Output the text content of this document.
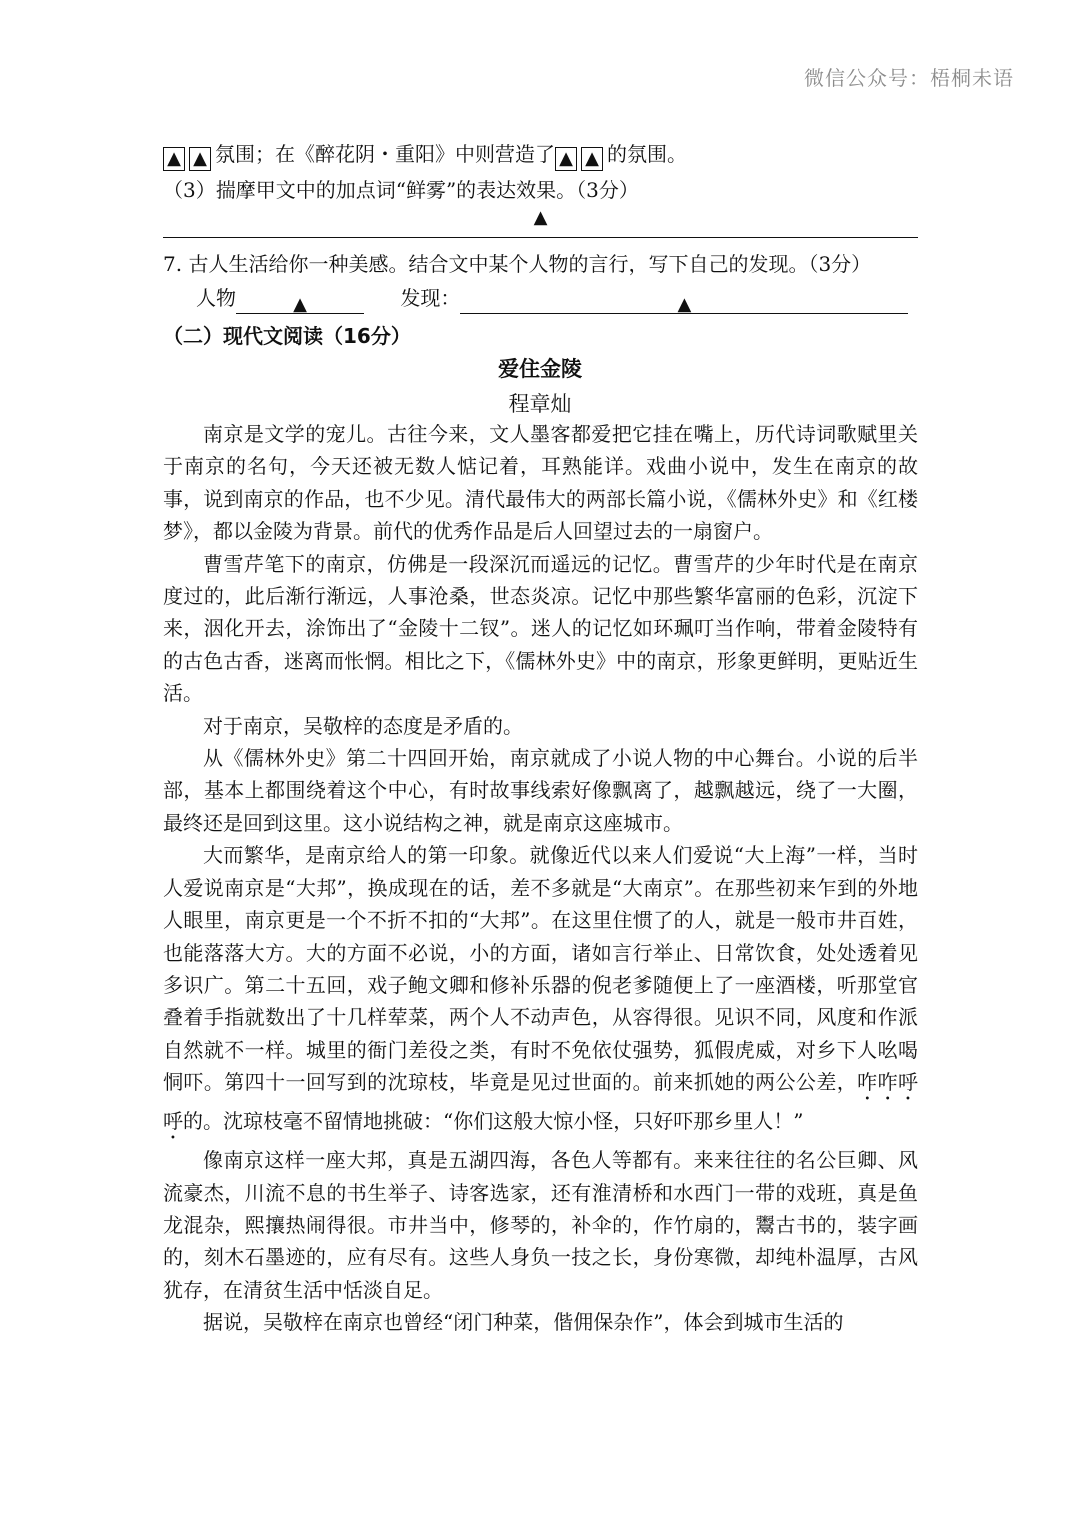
微信公众号：梧桐未语
▲ ▲ 氛围；在《醉花阴・重阳》中则营造了 ▲ ▲ 的氛围。
（3）揣摩甲文中的加点词“鲜雾”的表达效果。（3分）
▲
7. 古人生活给你一种美感。结合文中某个人物的言行，写下自己的发现。（3分）
人物	▲	发现：	▲
（二）现代文阅读（16分）
爱住金陵
程章灿

南京是文学的宠儿。古往今来，文人墨客都爱把它挂在嘴上，历代诗词歌赋里关于南京的名句，今天还被无数人惦记着，耳熟能详。戏曲小说中，发生在南京的故事，说到南京的作品，也不少见。清代最伟大的两部长篇小说，《儒林外史》和《红楼梦》，都以金陵为背景。前代的优秀作品是后人回望过去的一扇窗户。

曹雪芹笔下的南京，仿佛是一段深沉而遥远的记忆。曹雪芹的少年时代是在南京度过的，此后渐行渐远，人事沧桑，世态炎凉。记忆中那些繁华富丽的色彩，沉淀下来，洇化开去，涂饰出了“金陵十二钗”。迷人的记忆如环珮叮当作响，带着金陵特有的古色古香，迷离而怅惘。相比之下，《儒林外史》中的南京，形象更鲜明，更贴近生活。

对于南京，吴敬梓的态度是矛盾的。

从《儒林外史》第二十四回开始，南京就成了小说人物的中心舞台。小说的后半部，基本上都围绕着这个中心，有时故事线索好像飘离了，越飘越远，绕了一大圈，最终还是回到这里。这小说结构之神，就是南京这座城市。

大而繁华，是南京给人的第一印象。就像近代以来人们爱说“大上海”一样，当时人爱说南京是“大邦”，换成现在的话，差不多就是“大南京”。在那些初来乍到的外地人眼里，南京更是一个不折不扣的“大邦”。在这里住惯了的人，就是一般市井百姓，也能落落大方。大的方面不必说，小的方面，诸如言行举止、日常饮食，处处透着见多识广。第二十五回，戏子鲍文卿和修补乐器的倪老爹随便上了一座酒楼，听那堂官叠着手指就数出了十几样荤菜，两个人不动声色，从容得很。见识不同，风度和作派自然就不一样。城里的衙门差役之类，有时不免依仗强势，狐假虎威，对乡下人吆喝恫吓。第四十一回写到的沈琼枝，毕竟是见过世面的。前来抓她的两公公差，咋咋呼呼的。沈琼枝毫不留情地挑破：“你们这般大惊小怪，只好吓那乡里人！”

像南京这样一座大邦，真是五湖四海，各色人等都有。来来往往的名公巨卿、风流豪杰，川流不息的书生举子、诗客选家，还有淮清桥和水西门一带的戏班，真是鱼龙混杂，熙攘热闹得很。市井当中，修琴的，补伞的，作竹扇的，鬻古书的，装字画的，刻木石墨迹的，应有尽有。这些人身负一技之长，身份寒微，却纯朴温厚，古风犹存，在清贫生活中恬淡自足。

据说，吴敬梓在南京也曾经“闭门种菜，偕佣保杂作”，体会到城市生活的
